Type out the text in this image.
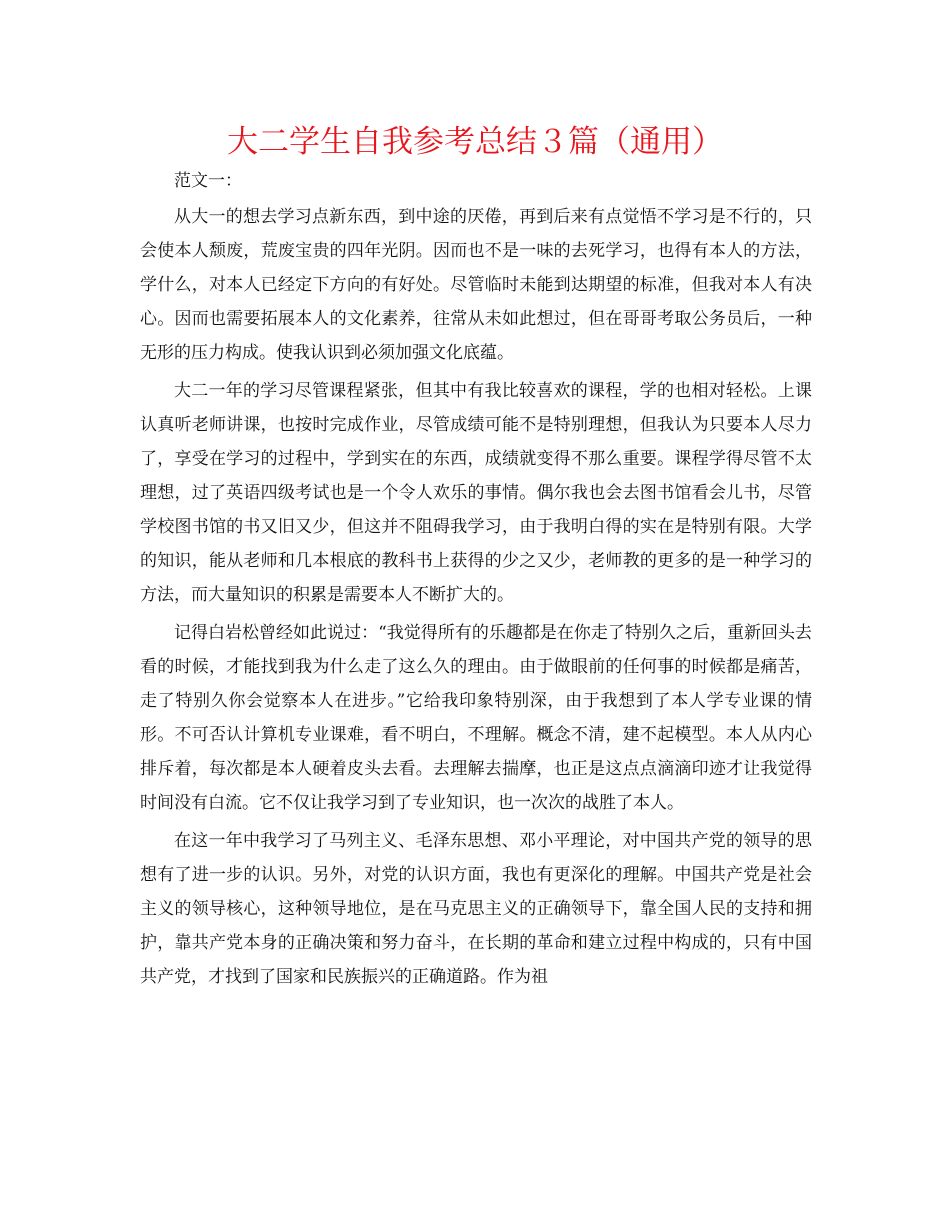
大二学生自我参考总结３篇（通用）

范文一：

从大一的想去学习点新东西，到中途的厌倦，再到后来有点觉悟不学习是不行的，只会使本人颓废，荒废宝贵的四年光阴。因而也不是一味的去死学习，也得有本人的方法，学什么，对本人已经定下方向的有好处。尽管临时未能到达期望的标准，但我对本人有决心。因而也需要拓展本人的文化素养，往常从未如此想过，但在哥哥考取公务员后，一种无形的压力构成。使我认识到必须加强文化底蕴。

大二一年的学习尽管课程紧张，但其中有我比较喜欢的课程，学的也相对轻松。上课认真听老师讲课，也按时完成作业，尽管成绩可能不是特别理想，但我认为只要本人尽力了，享受在学习的过程中，学到实在的东西，成绩就变得不那么重要。课程学得尽管不太理想，过了英语四级考试也是一个令人欢乐的事情。偶尔我也会去图书馆看会儿书，尽管学校图书馆的书又旧又少，但这并不阻碍我学习，由于我明白得的实在是特别有限。大学的知识，能从老师和几本根底的教科书上获得的少之又少，老师教的更多的是一种学习的方法，而大量知识的积累是需要本人不断扩大的。

记得白岩松曾经如此说过：“我觉得所有的乐趣都是在你走了特别久之后，重新回头去看的时候，才能找到我为什么走了这么久的理由。由于做眼前的任何事的时候都是痛苦，走了特别久你会觉察本人在进步。”它给我印象特别深，由于我想到了本人学专业课的情形。不可否认计算机专业课难，看不明白，不理解。概念不清，建不起模型。本人从内心排斥着，每次都是本人硬着皮头去看。去理解去揣摩，也正是这点点滴滴印迹才让我觉得时间没有白流。它不仅让我学习到了专业知识，也一次次的战胜了本人。

在这一年中我学习了马列主义、毛泽东思想、邓小平理论，对中国共产党的领导的思想有了进一步的认识。另外，对党的认识方面，我也有更深化的理解。中国共产党是社会主义的领导核心，这种领导地位，是在马克思主义的正确领导下，靠全国人民的支持和拥护，靠共产党本身的正确决策和努力奋斗，在长期的革命和建立过程中构成的，只有中国共产党，才找到了国家和民族振兴的正确道路。作为祖
